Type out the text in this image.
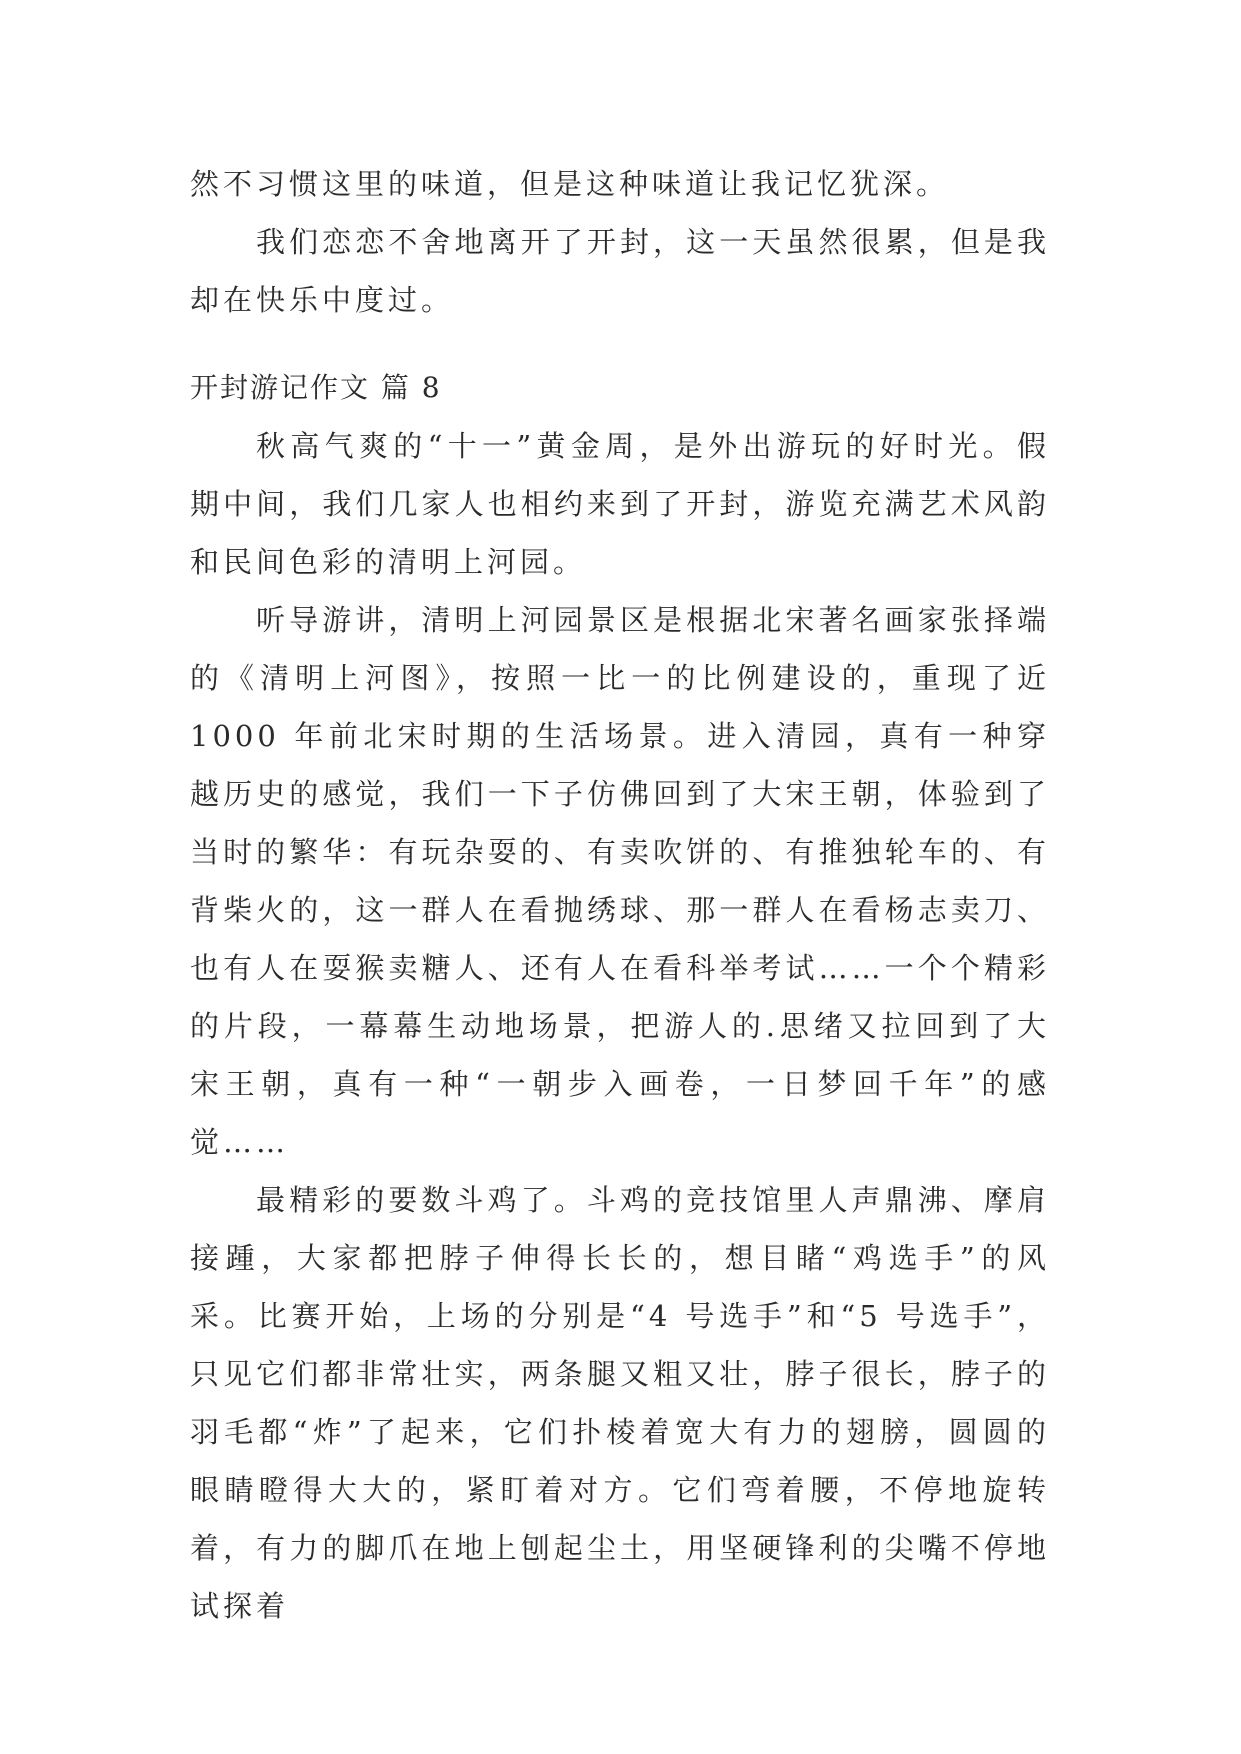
然不习惯这里的味道，但是这种味道让我记忆犹深。

我们恋恋不舍地离开了开封，这一天虽然很累，但是我却在快乐中度过。

开封游记作文 篇 8

秋高气爽的“十一”黄金周，是外出游玩的好时光。假期中间，我们几家人也相约来到了开封，游览充满艺术风韵和民间色彩的清明上河园。

听导游讲，清明上河园景区是根据北宋著名画家张择端的《清明上河图》，按照一比一的比例建设的，重现了近 1000 年前北宋时期的生活场景。进入清园，真有一种穿越历史的感觉，我们一下子仿佛回到了大宋王朝，体验到了当时的繁华：有玩杂耍的、有卖吹饼的、有推独轮车的、有背柴火的，这一群人在看抛绣球、那一群人在看杨志卖刀、也有人在耍猴卖糖人、还有人在看科举考试……一个个精彩的片段，一幕幕生动地场景，把游人的.思绪又拉回到了大宋王朝，真有一种“一朝步入画卷，一日梦回千年”的感觉……

最精彩的要数斗鸡了。斗鸡的竞技馆里人声鼎沸、摩肩接踵，大家都把脖子伸得长长的，想目睹“鸡选手”的风采。比赛开始，上场的分别是“4 号选手”和“5 号选手”，只见它们都非常壮实，两条腿又粗又壮，脖子很长，脖子的羽毛都“炸”了起来，它们扑棱着宽大有力的翅膀，圆圆的眼睛瞪得大大的，紧盯着对方。它们弯着腰，不停地旋转着，有力的脚爪在地上刨起尘土，用坚硬锋利的尖嘴不停地试探着
